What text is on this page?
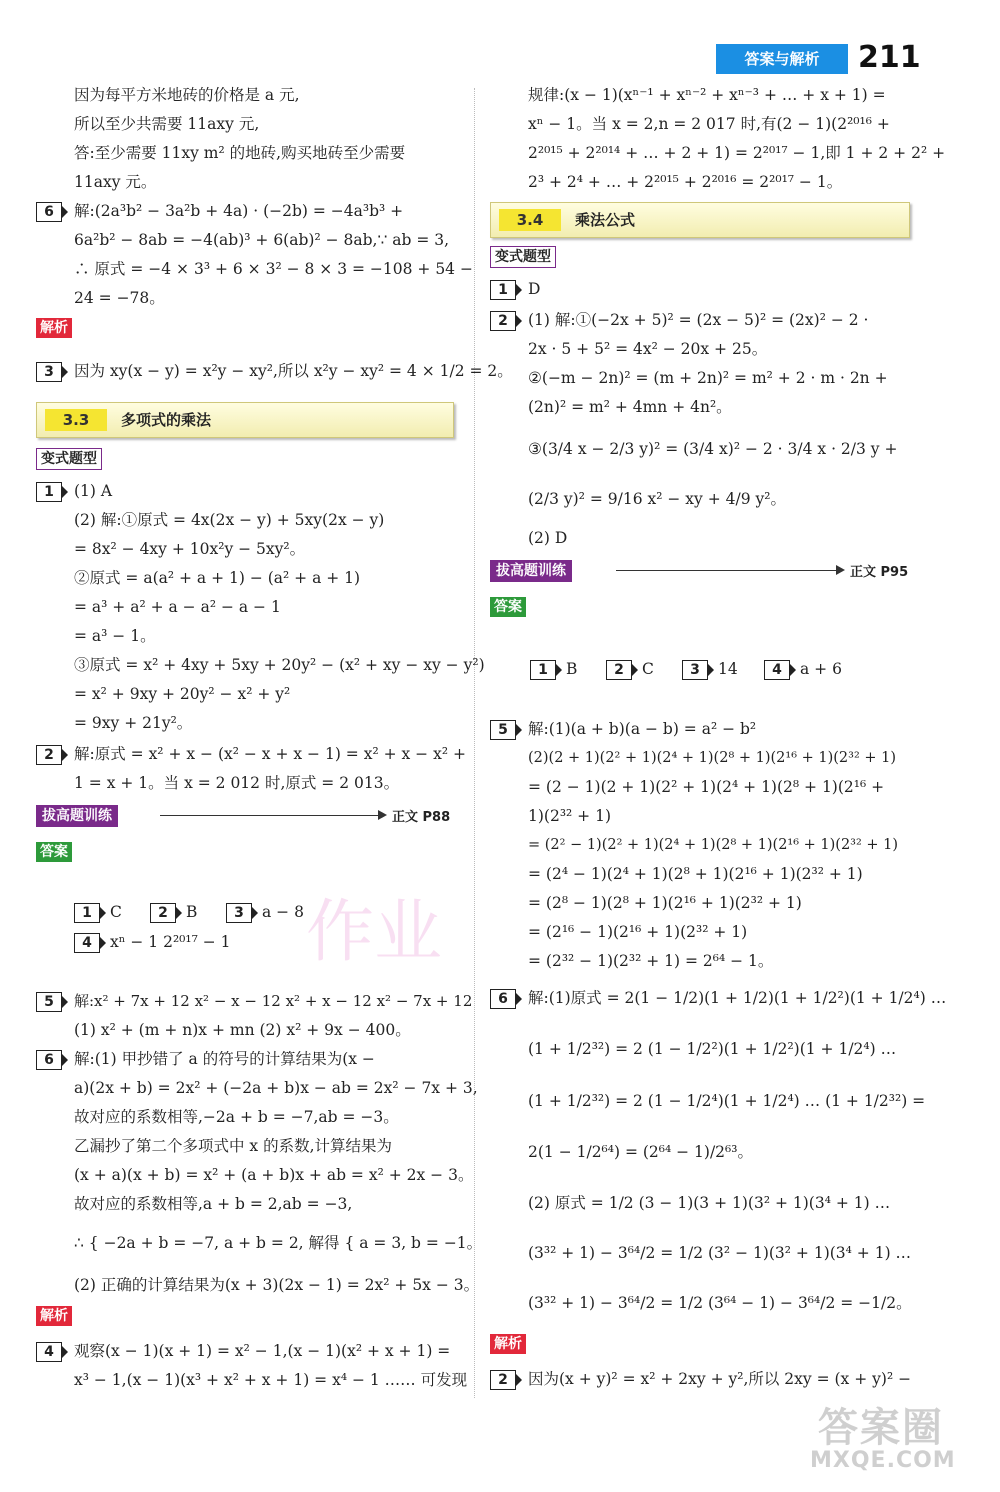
答案与解析	211
作业
因为每平方米地砖的价格是 a 元,
所以至少共需要 11axy 元,
答:至少需要 11xy m² 的地砖,购买地砖至少需要
11axy 元。
6	解:(2a³b² − 3a²b + 4a) · (−2b) = −4a³b³ +
6a²b² − 8ab = −4(ab)³ + 6(ab)² − 8ab,∵ ab = 3,
∴ 原式 = −4 × 3³ + 6 × 3² − 8 × 3 = −108 + 54 −
24 = −78。
解析
3	因为 xy(x − y) = x²y − xy²,所以 x²y − xy² = 4 × 1/2 = 2。
3.3	多项式的乘法
变式题型
1	(1) A
(2) 解:①原式 = 4x(2x − y) + 5xy(2x − y)
= 8x² − 4xy + 10x²y − 5xy²。
②原式 = a(a² + a + 1) − (a² + a + 1)
= a³ + a² + a − a² − a − 1
= a³ − 1。
③原式 = x² + 4xy + 5xy + 20y² − (x² + xy − xy − y²)
= x² + 9xy + 20y² − x² + y²
= 9xy + 21y²。
2	解:原式 = x² + x − (x² − x + x − 1) = x² + x − x² +
1 = x + 1。当 x = 2 012 时,原式 = 2 013。
拔高题训练	正文 P88
答案
1	C	2	B	3	a − 8
4	xⁿ − 1 2²⁰¹⁷ − 1
5	解:x² + 7x + 12 x² − x − 12 x² + x − 12 x² − 7x + 12
(1) x² + (m + n)x + mn (2) x² + 9x − 400。
6	解:(1) 甲抄错了 a 的符号的计算结果为(x −
a)(2x + b) = 2x² + (−2a + b)x − ab = 2x² − 7x + 3,
故对应的系数相等,−2a + b = −7,ab = −3。
乙漏抄了第二个多项式中 x 的系数,计算结果为
(x + a)(x + b) = x² + (a + b)x + ab = x² + 2x − 3。
故对应的系数相等,a + b = 2,ab = −3,
∴ { −2a + b = −7, a + b = 2, 解得 { a = 3, b = −1。
(2) 正确的计算结果为(x + 3)(2x − 1) = 2x² + 5x − 3。
解析
4	观察(x − 1)(x + 1) = x² − 1,(x − 1)(x² + x + 1) =
x³ − 1,(x − 1)(x³ + x² + x + 1) = x⁴ − 1 …… 可发现
规律:(x − 1)(xⁿ⁻¹ + xⁿ⁻² + xⁿ⁻³ + … + x + 1) =
xⁿ − 1。当 x = 2,n = 2 017 时,有(2 − 1)(2²⁰¹⁶ +
2²⁰¹⁵ + 2²⁰¹⁴ + … + 2 + 1) = 2²⁰¹⁷ − 1,即 1 + 2 + 2² +
2³ + 2⁴ + … + 2²⁰¹⁵ + 2²⁰¹⁶ = 2²⁰¹⁷ − 1。
3.4	乘法公式
变式题型
1	D
2	(1) 解:①(−2x + 5)² = (2x − 5)² = (2x)² − 2 ·
2x · 5 + 5² = 4x² − 20x + 25。
②(−m − 2n)² = (m + 2n)² = m² + 2 · m · 2n +
(2n)² = m² + 4mn + 4n²。
③(3/4 x − 2/3 y)² = (3/4 x)² − 2 · 3/4 x · 2/3 y +
(2/3 y)² = 9/16 x² − xy + 4/9 y²。
(2) D
拔高题训练	正文 P95
答案
1	B	2	C	3	14	4	a + 6
5	解:(1)(a + b)(a − b) = a² − b²
(2)(2 + 1)(2² + 1)(2⁴ + 1)(2⁸ + 1)(2¹⁶ + 1)(2³² + 1)
= (2 − 1)(2 + 1)(2² + 1)(2⁴ + 1)(2⁸ + 1)(2¹⁶ +
1)(2³² + 1)
= (2² − 1)(2² + 1)(2⁴ + 1)(2⁸ + 1)(2¹⁶ + 1)(2³² + 1)
= (2⁴ − 1)(2⁴ + 1)(2⁸ + 1)(2¹⁶ + 1)(2³² + 1)
= (2⁸ − 1)(2⁸ + 1)(2¹⁶ + 1)(2³² + 1)
= (2¹⁶ − 1)(2¹⁶ + 1)(2³² + 1)
= (2³² − 1)(2³² + 1) = 2⁶⁴ − 1。
6	解:(1)原式 = 2(1 − 1/2)(1 + 1/2)(1 + 1/2²)(1 + 1/2⁴) …
(1 + 1/2³²) = 2 (1 − 1/2²)(1 + 1/2²)(1 + 1/2⁴) …
(1 + 1/2³²) = 2 (1 − 1/2⁴)(1 + 1/2⁴) … (1 + 1/2³²) =
2(1 − 1/2⁶⁴) = (2⁶⁴ − 1)/2⁶³。
(2) 原式 = 1/2 (3 − 1)(3 + 1)(3² + 1)(3⁴ + 1) …
(3³² + 1) − 3⁶⁴/2 = 1/2 (3² − 1)(3² + 1)(3⁴ + 1) …
(3³² + 1) − 3⁶⁴/2 = 1/2 (3⁶⁴ − 1) − 3⁶⁴/2 = −1/2。
解析
2	因为(x + y)² = x² + 2xy + y²,所以 2xy = (x + y)² −
答案圈
MXQE.COM
